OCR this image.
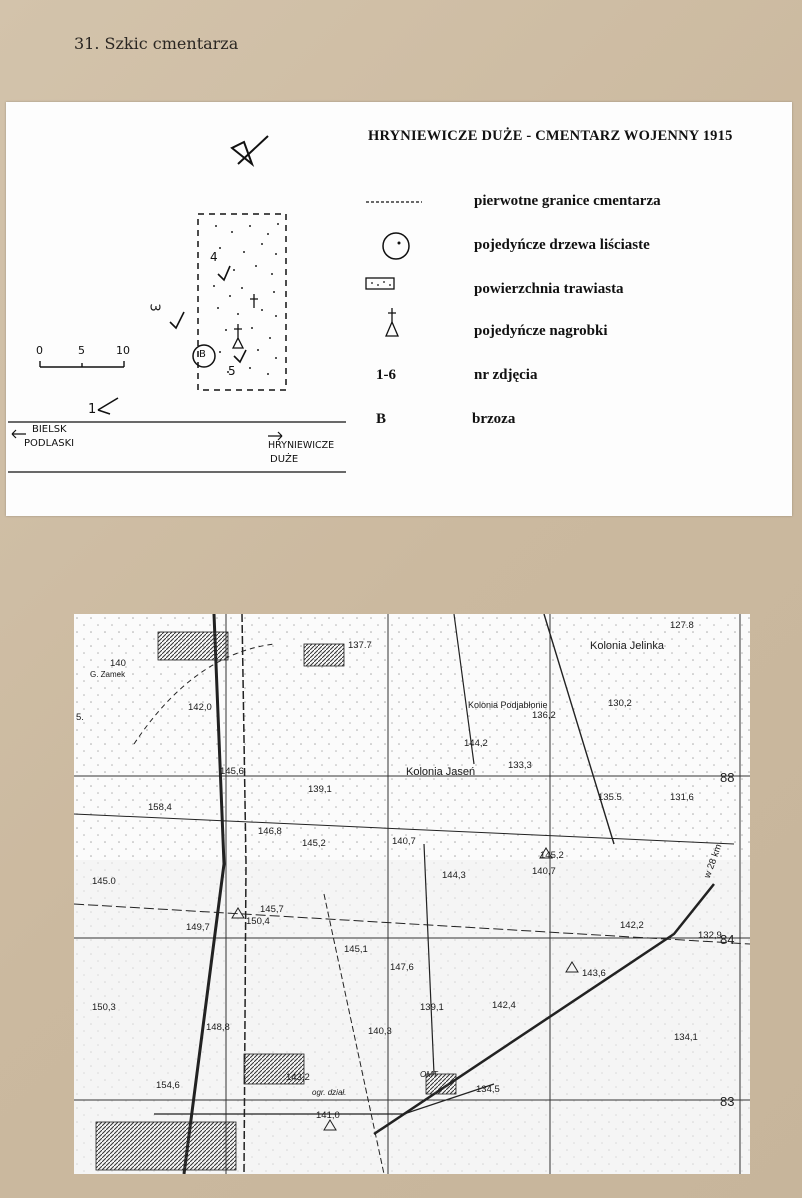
31. Szkic cmentarza
HRYNIEWICZE DUŻE - CMENTARZ WOJENNY 1915
pierwotne granice cmentarza
pojedyńcze drzewa liściaste
powierzchnia trawiasta
pojedyńcze nagrobki
1-6	nr zdjęcia
B	brzoza
0	5	10
1
3
4
5
B
BIELSK
PODLASKI	HRYNIEWICZE
DUŻE
Kolonia Jelinka
Kolonia Podjabłonie
Kolonia Jaseń
G. Zamek
127.8
137.7
140
142,0	130,2
136,2
144,2
133,3
145,6
139,1
135.5	131,6
158,4
146,8
145,2	140,7
145,2
145.0
144,3	140,7
145,7
150,4
149,7	142,2
132,9
145,1
147,6
143,6
150,3	139,1	142,4
148,8	140,3
143,2
154,6	134,5
141,0
134,1
88
84
83
5.
w 28 km
ogr. dział.
OMT
